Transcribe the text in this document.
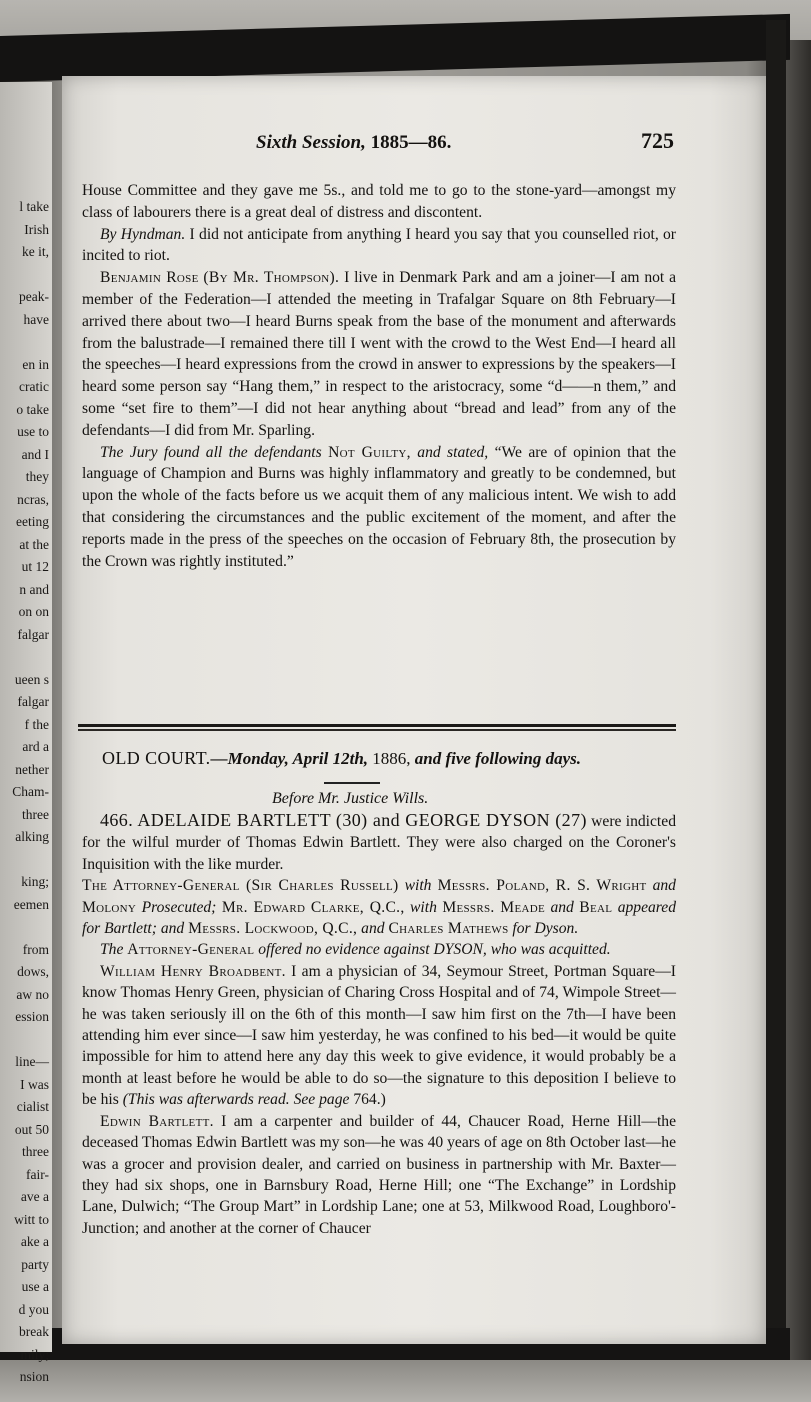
l take
Irish
ke it,
peak-
have
en in
cratic
o take
use to
and I
they
ncras,
eeting
at the
ut 12
n and
on on
falgar
ueen s
falgar
f the
ard a
nether
Cham-
three
alking
king;
eemen
from
dows,
aw no
ession
line—
I was
cialist
out 50
three
fair-
ave a
witt to
ake a
party
use a
d you
break
mily;
nsion
Sixth Session, 1885—86.	725

House Committee and they gave me 5s., and told me to go to the stone-yard—amongst my class of labourers there is a great deal of distress and discontent.

By Hyndman. I did not anticipate from anything I heard you say that you counselled riot, or incited to riot.

Benjamin Rose (By Mr. Thompson). I live in Denmark Park and am a joiner—I am not a member of the Federation—I attended the meeting in Trafalgar Square on 8th February—I arrived there about two—I heard Burns speak from the base of the monument and afterwards from the balustrade—I remained there till I went with the crowd to the West End—I heard all the speeches—I heard expressions from the crowd in answer to expressions by the speakers—I heard some person say “Hang them,” in respect to the aristocracy, some “d——n them,” and some “set fire to them”—I did not hear anything about “bread and lead” from any of the defendants—I did from Mr. Sparling.

The Jury found all the defendants Not Guilty, and stated, “We are of opinion that the language of Champion and Burns was highly inflammatory and greatly to be condemned, but upon the whole of the facts before us we acquit them of any malicious intent. We wish to add that considering the circumstances and the public excitement of the moment, and after the reports made in the press of the speeches on the occasion of February 8th, the prosecution by the Crown was rightly instituted.”

OLD COURT.—Monday, April 12th, 1886, and five following days.
Before Mr. Justice Wills.

466. ADELAIDE BARTLETT (30) and GEORGE DYSON (27) were indicted for the wilful murder of Thomas Edwin Bartlett. They were also charged on the Coroner's Inquisition with the like murder.

The Attorney-General (Sir Charles Russell) with Messrs. Poland, R. S. Wright and Molony Prosecuted; Mr. Edward Clarke, Q.C., with Messrs. Meade and Beal appeared for Bartlett; and Messrs. Lockwood, Q.C., and Charles Mathews for Dyson.

The Attorney-General offered no evidence against DYSON, who was acquitted.

William Henry Broadbent. I am a physician of 34, Seymour Street, Portman Square—I know Thomas Henry Green, physician of Charing Cross Hospital and of 74, Wimpole Street—he was taken seriously ill on the 6th of this month—I saw him first on the 7th—I have been attending him ever since—I saw him yesterday, he was confined to his bed—it would be quite impossible for him to attend here any day this week to give evidence, it would probably be a month at least before he would be able to do so—the signature to this deposition I believe to be his (This was afterwards read. See page 764.)

Edwin Bartlett. I am a carpenter and builder of 44, Chaucer Road, Herne Hill—the deceased Thomas Edwin Bartlett was my son—he was 40 years of age on 8th October last—he was a grocer and provision dealer, and carried on business in partnership with Mr. Baxter—they had six shops, one in Barnsbury Road, Herne Hill; one “The Exchange” in Lordship Lane, Dulwich; “The Group Mart” in Lordship Lane; one at 53, Milkwood Road, Loughboro'-Junction; and another at the corner of Chaucer
